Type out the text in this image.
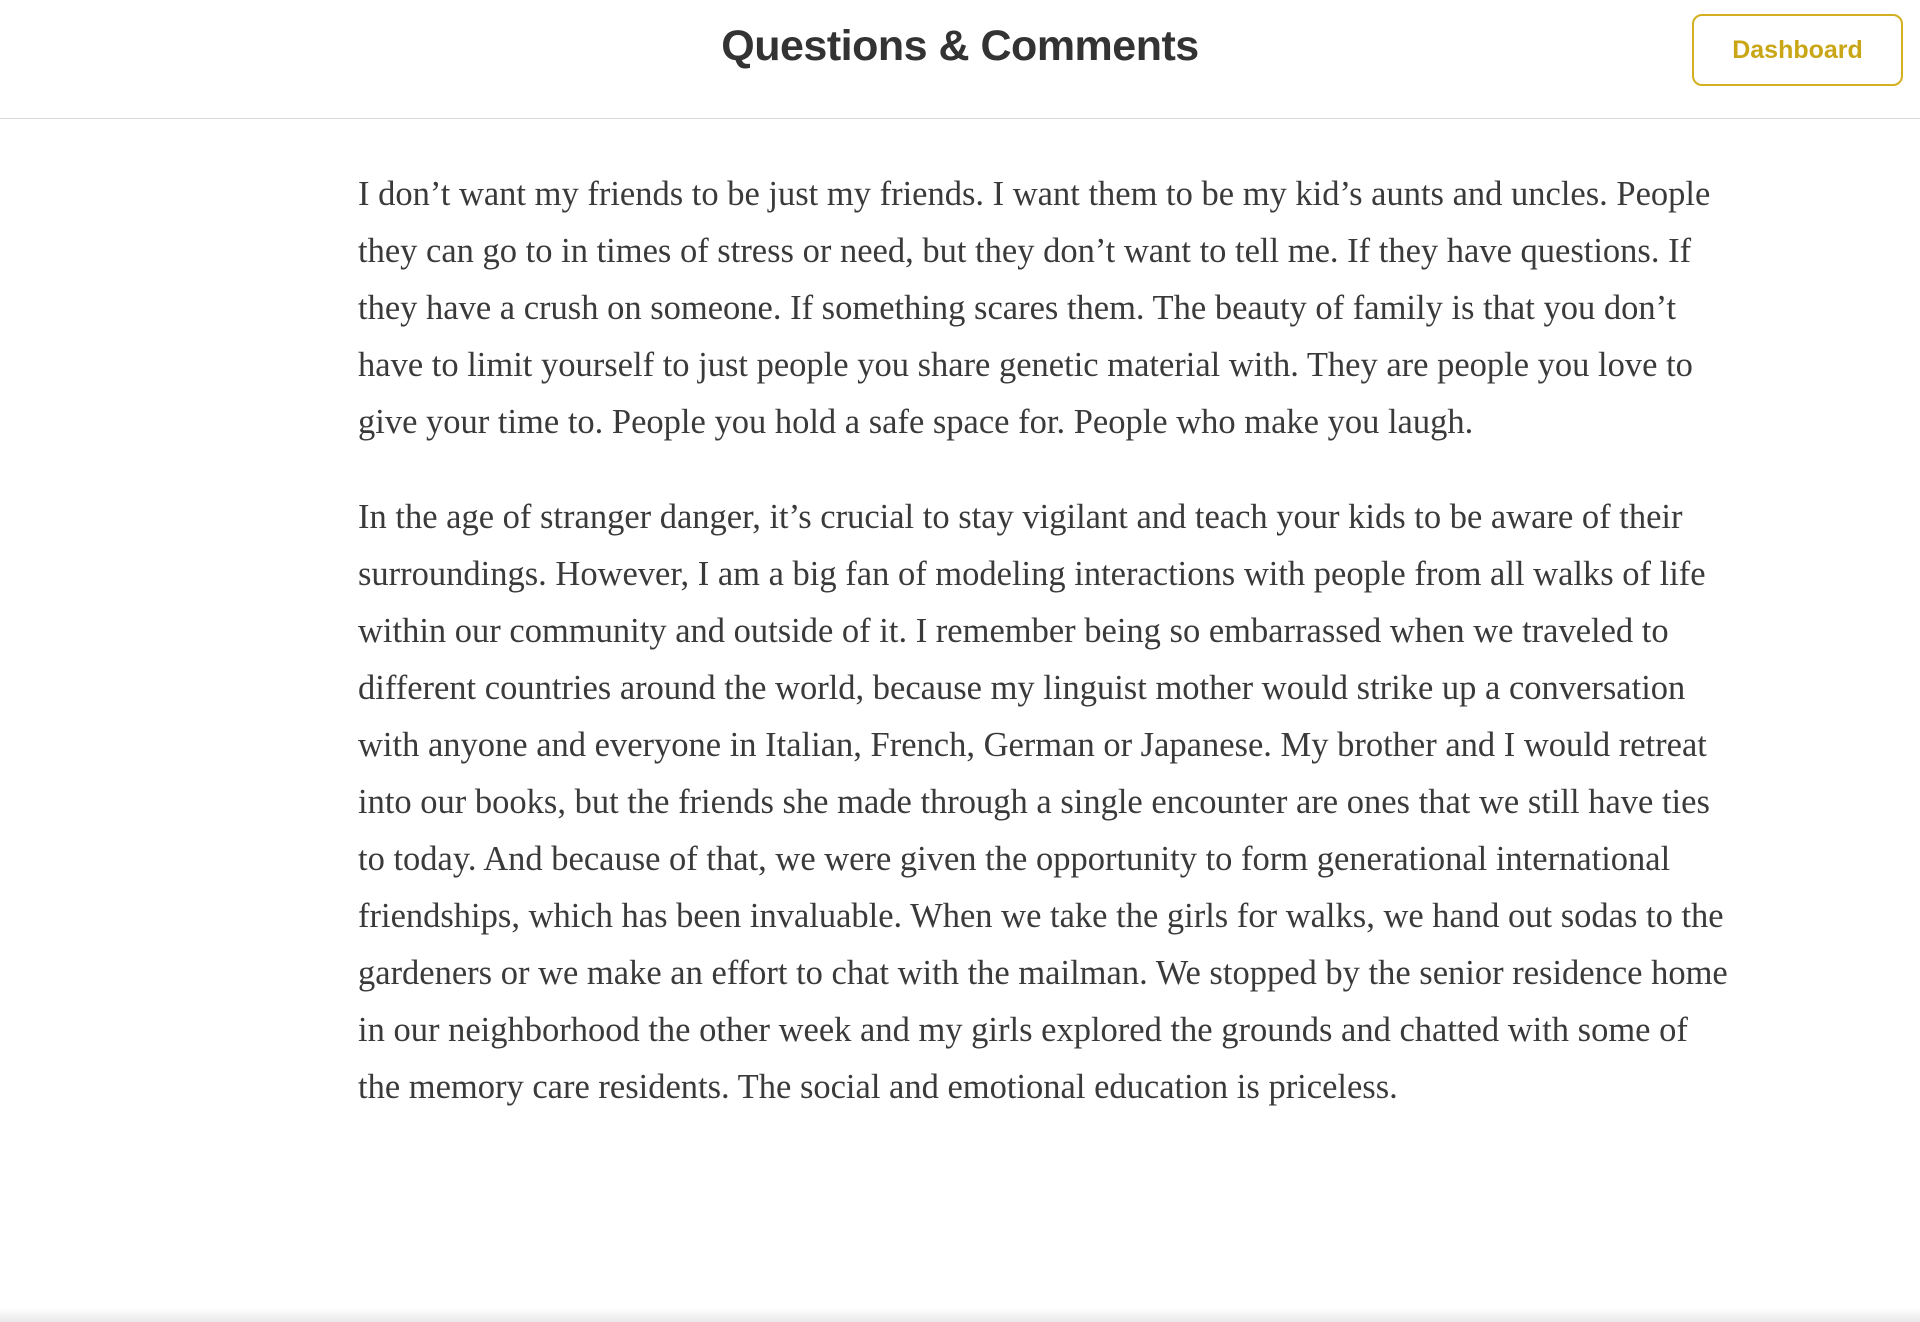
Questions & Comments	Dashboard

I don’t want my friends to be just my friends. I want them to be my kid’s aunts and uncles. People they can go to in times of stress or need, but they don’t want to tell me. If they have questions. If they have a crush on someone. If something scares them. The beauty of family is that you don’t have to limit yourself to just people you share genetic material with. They are people you love to give your time to. People you hold a safe space for. People who make you laugh.

In the age of stranger danger, it’s crucial to stay vigilant and teach your kids to be aware of their surroundings. However, I am a big fan of modeling interactions with people from all walks of life within our community and outside of it. I remember being so embarrassed when we traveled to different countries around the world, because my linguist mother would strike up a conversation with anyone and everyone in Italian, French, German or Japanese. My brother and I would retreat into our books, but the friends she made through a single encounter are ones that we still have ties to today. And because of that, we were given the opportunity to form generational international friendships, which has been invaluable. When we take the girls for walks, we hand out sodas to the gardeners or we make an effort to chat with the mailman. We stopped by the senior residence home in our neighborhood the other week and my girls explored the grounds and chatted with some of the memory care residents. The social and emotional education is priceless.
